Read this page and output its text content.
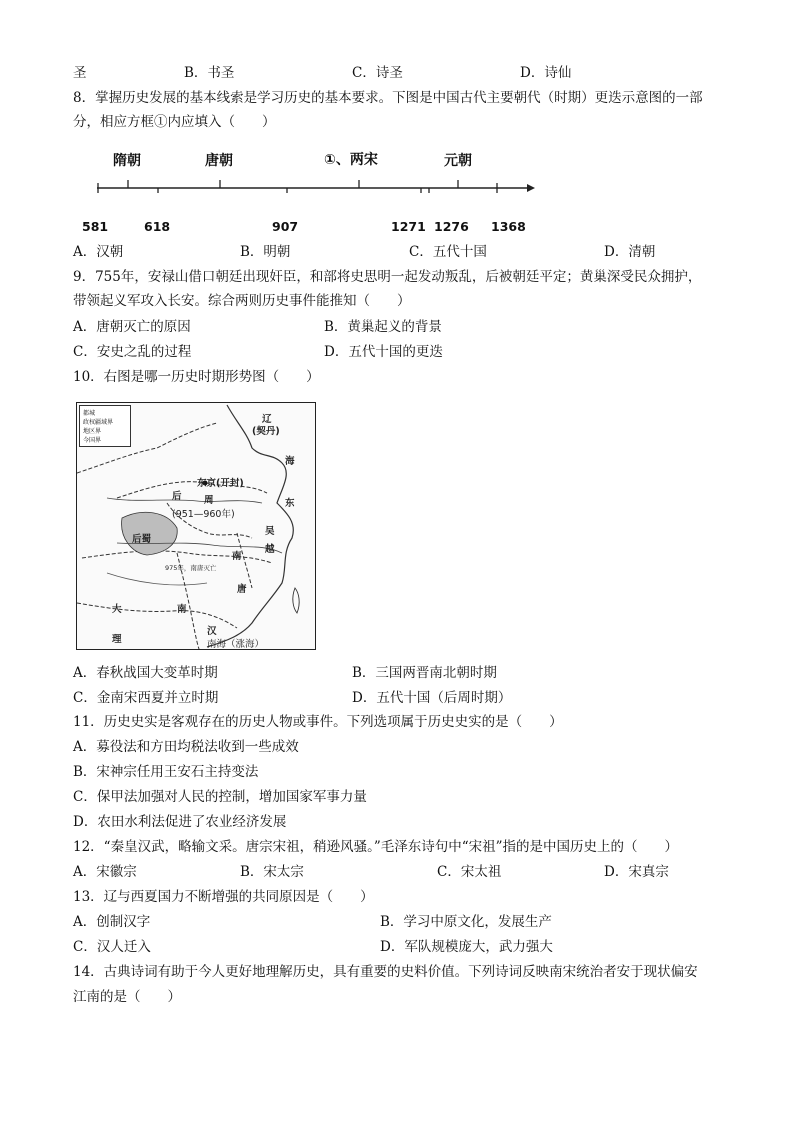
圣	B．书圣	C．诗圣	D．诗仙
8．掌握历史发展的基本线索是学习历史的基本要求。下图是中国古代主要朝代（时期）更迭示意图的一部
分，相应方框①内应填入（　　）
隋朝	唐朝	①、两宋	元朝
581	618	907	1271 1276 1368
A．汉朝	B．明朝	C．五代十国	D．清朝
9．755年，安禄山借口朝廷出现奸臣，和部将史思明一起发动叛乱，后被朝廷平定；黄巢深受民众拥护，
带领起义军攻入长安。综合两则历史事件能推知（　　）
A．唐朝灭亡的原因	B．黄巢起义的背景
C．安史之乱的过程	D．五代十国的更迭
10．右图是哪一历史时期形势图（　　）
都城
政权疆域界
地区界
今国界
辽
(契丹)
东京(开封)
后 周
(951—960年)
后蜀
南
唐
吴
越
南
汉
大
理	南海（涨海）
东
海
975年，南唐灭亡
A．春秋战国大变革时期	B．三国两晋南北朝时期
C．金南宋西夏并立时期	D．五代十国（后周时期）
11．历史史实是客观存在的历史人物或事件。下列选项属于历史史实的是（　　）
A．募役法和方田均税法收到一些成效
B．宋神宗任用王安石主持变法
C．保甲法加强对人民的控制，增加国家军事力量
D．农田水利法促进了农业经济发展
12．“秦皇汉武，略输文采。唐宗宋祖，稍逊风骚。”毛泽东诗句中“宋祖”指的是中国历史上的（　　）
A．宋徽宗	B．宋太宗	C．宋太祖	D．宋真宗
13．辽与西夏国力不断增强的共同原因是（　　）
A．创制汉字	B．学习中原文化，发展生产
C．汉人迁入	D．军队规模庞大，武力强大
14．古典诗词有助于今人更好地理解历史，具有重要的史料价值。下列诗词反映南宋统治者安于现状偏安
江南的是（　　）
